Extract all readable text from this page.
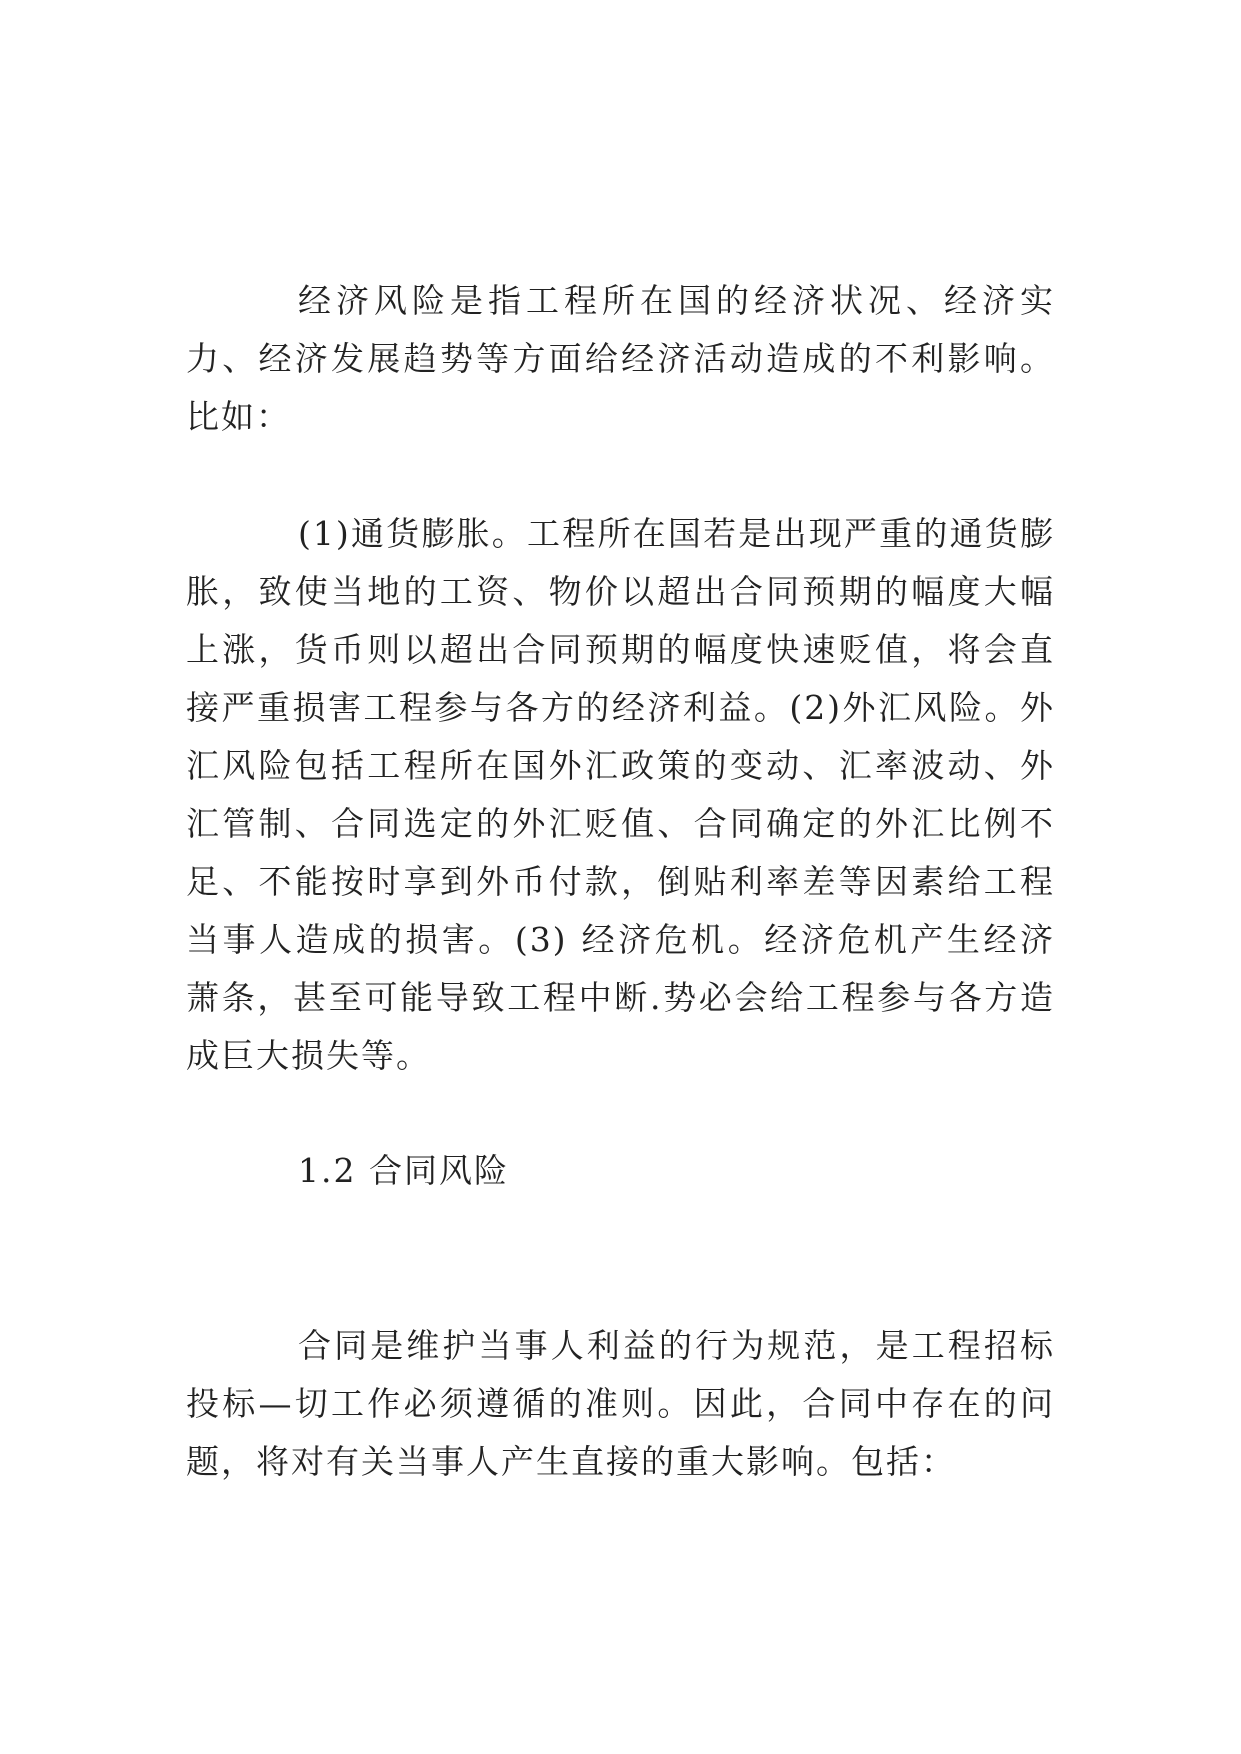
经济风险是指工程所在国的经济状况、经济实力、经济发展趋势等方面给经济活动造成的不利影响。比如：

(1)通货膨胀。工程所在国若是出现严重的通货膨胀，致使当地的工资、物价以超出合同预期的幅度大幅上涨，货币则以超出合同预期的幅度快速贬值，将会直接严重损害工程参与各方的经济利益。(2)外汇风险。外汇风险包括工程所在国外汇政策的变动、汇率波动、外汇管制、合同选定的外汇贬值、合同确定的外汇比例不足、不能按时享到外币付款，倒贴利率差等因素给工程当事人造成的损害。(3) 经济危机。经济危机产生经济萧条，甚至可能导致工程中断.势必会给工程参与各方造成巨大损失等。

1.2 合同风险

合同是维护当事人利益的行为规范，是工程招标投标—切工作必须遵循的准则。因此，合同中存在的问题，将对有关当事人产生直接的重大影响。包括：
